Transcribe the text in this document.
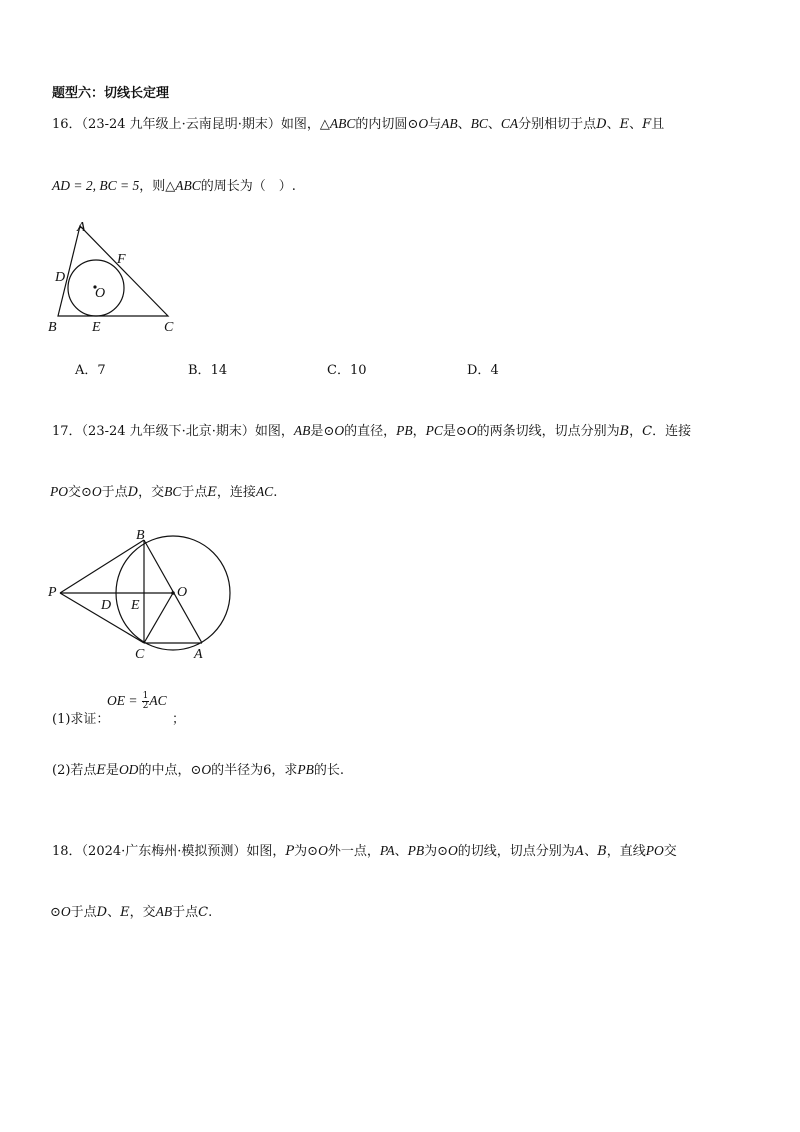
题型六：切线长定理
16．（23-24 九年级上·云南昆明·期末）如图，△ABC的内切圆⊙O与AB、BC、CA分别相切于点D、E、F且
AD = 2, BC = 5，则△ABC的周长为（　）.
A
F
D
O
B	E	C
A．7	B．14	C．10	D．4
17．（23-24 九年级下·北京·期末）如图，AB是⊙O的直径，PB，PC是⊙O的两条切线，切点分别为B，C．连接
PO交⊙O于点D，交BC于点E，连接AC.
B
P
D E
O
C	A
(1)求证：
OE = $\frac{1}{2}$ AC
；
(2)若点E是OD的中点，⊙O的半径为6，求PB的长.
18．（2024·广东梅州·模拟预测）如图，P为⊙O外一点，PA、PB为⊙O的切线，切点分别为A、B，直线PO交
⊙O于点D、E，交AB于点C.
